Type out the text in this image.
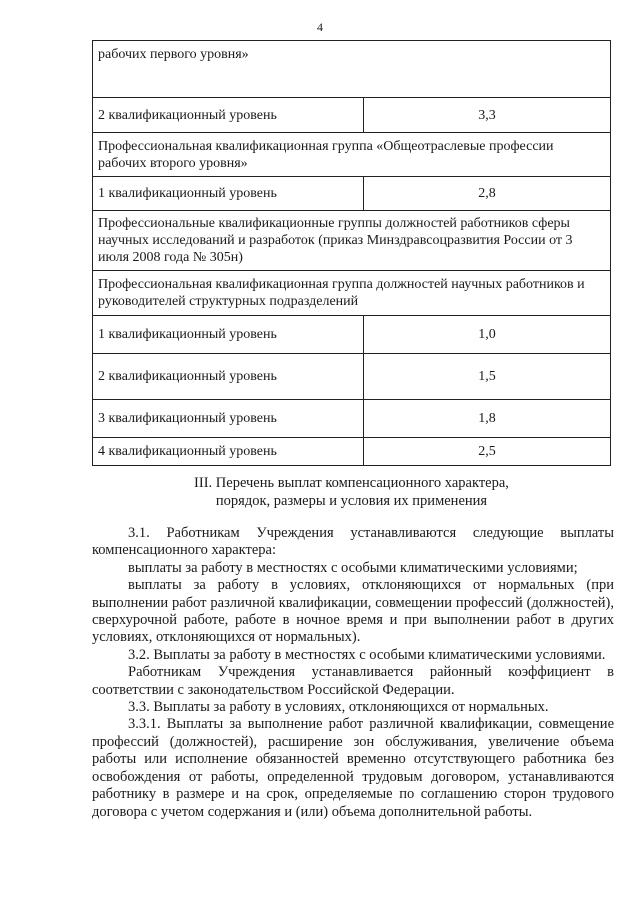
4
рабочих первого уровня»	
2 квалификационный уровень	3,3
Профессиональная квалификационная группа «Общеотраслевые профессии рабочих второго уровня»	
1 квалификационный уровень	2,8
Профессиональные квалификационные группы должностей работников сферы научных исследований и разработок (приказ Минздравсоцразвития России от 3 июля 2008 года № 305н)	
Профессиональная квалификационная группа должностей научных работников и руководителей структурных подразделений	
1 квалификационный уровень	1,0
2 квалификационный уровень	1,5
3 квалификационный уровень	1,8
4 квалификационный уровень	2,5
III. Перечень выплат компенсационного характера,
порядок, размеры и условия их применения

3.1. Работникам Учреждения устанавливаются следующие выплаты компенсационного характера:

выплаты за работу в местностях с особыми климатическими условиями;

выплаты за работу в условиях, отклоняющихся от нормальных (при выполнении работ различной квалификации, совмещении профессий (должностей), сверхурочной работе, работе в ночное время и при выполнении работ в других условиях, отклоняющихся от нормальных).

3.2. Выплаты за работу в местностях с особыми климатическими условиями.

Работникам Учреждения устанавливается районный коэффициент в соответствии с законодательством Российской Федерации.

3.3. Выплаты за работу в условиях, отклоняющихся от нормальных.

3.3.1. Выплаты за выполнение работ различной квалификации, совмещение профессий (должностей), расширение зон обслуживания, увеличение объема работы или исполнение обязанностей временно отсутствующего работника без освобождения от работы, определенной трудовым договором, устанавливаются работнику в размере и на срок, определяемые по соглашению сторон трудового договора с учетом содержания и (или) объема дополнительной работы.
